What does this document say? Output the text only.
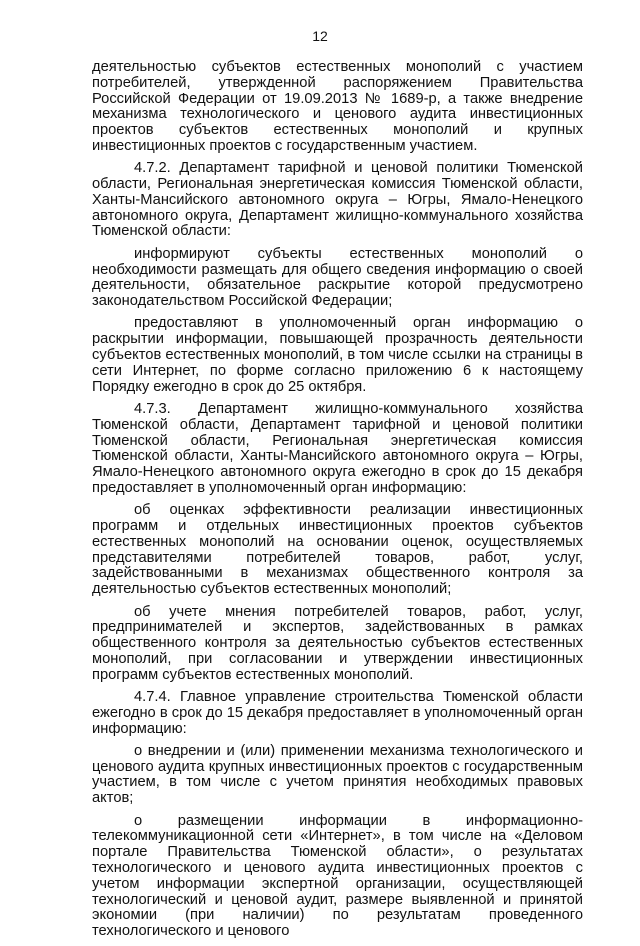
12

деятельностью субъектов естественных монополий с участием потребителей, утвержденной распоряжением Правительства Российской Федерации от 19.09.2013 № 1689-р, а также внедрение механизма технологического и ценового аудита инвестиционных проектов субъектов естественных монополий и крупных инвестиционных проектов с государственным участием.

4.7.2. Департамент тарифной и ценовой политики Тюменской области, Региональная энергетическая комиссия Тюменской области, Ханты-Мансийского автономного округа – Югры, Ямало-Ненецкого автономного округа, Департамент жилищно-коммунального хозяйства Тюменской области:

информируют субъекты естественных монополий о необходимости размещать для общего сведения информацию о своей деятельности, обязательное раскрытие которой предусмотрено законодательством Российской Федерации;

предоставляют в уполномоченный орган информацию о раскрытии информации, повышающей прозрачность деятельности субъектов естественных монополий, в том числе ссылки на страницы в сети Интернет, по форме согласно приложению 6 к настоящему Порядку ежегодно в срок до 25 октября.

4.7.3. Департамент жилищно-коммунального хозяйства Тюменской области, Департамент тарифной и ценовой политики Тюменской области, Региональная энергетическая комиссия Тюменской области, Ханты-Мансийского автономного округа – Югры, Ямало-Ненецкого автономного округа ежегодно в срок до 15 декабря предоставляет в уполномоченный орган информацию:

об оценках эффективности реализации инвестиционных программ и отдельных инвестиционных проектов субъектов естественных монополий на основании оценок, осуществляемых представителями потребителей товаров, работ, услуг, задействованными в механизмах общественного контроля за деятельностью субъектов естественных монополий;

об учете мнения потребителей товаров, работ, услуг, предпринимателей и экспертов, задействованных в рамках общественного контроля за деятельностью субъектов естественных монополий, при согласовании и утверждении инвестиционных программ субъектов естественных монополий.

4.7.4. Главное управление строительства Тюменской области ежегодно в срок до 15 декабря предоставляет в уполномоченный орган информацию:

о внедрении и (или) применении механизма технологического и ценового аудита крупных инвестиционных проектов с государственным участием, в том числе с учетом принятия необходимых правовых актов;

о размещении информации в информационно-телекоммуникационной сети «Интернет», в том числе на «Деловом портале Правительства Тюменской области», о результатах технологического и ценового аудита инвестиционных проектов с учетом информации экспертной организации, осуществляющей технологический и ценовой аудит, размере выявленной и принятой экономии (при наличии) по результатам проведенного технологического и ценового
